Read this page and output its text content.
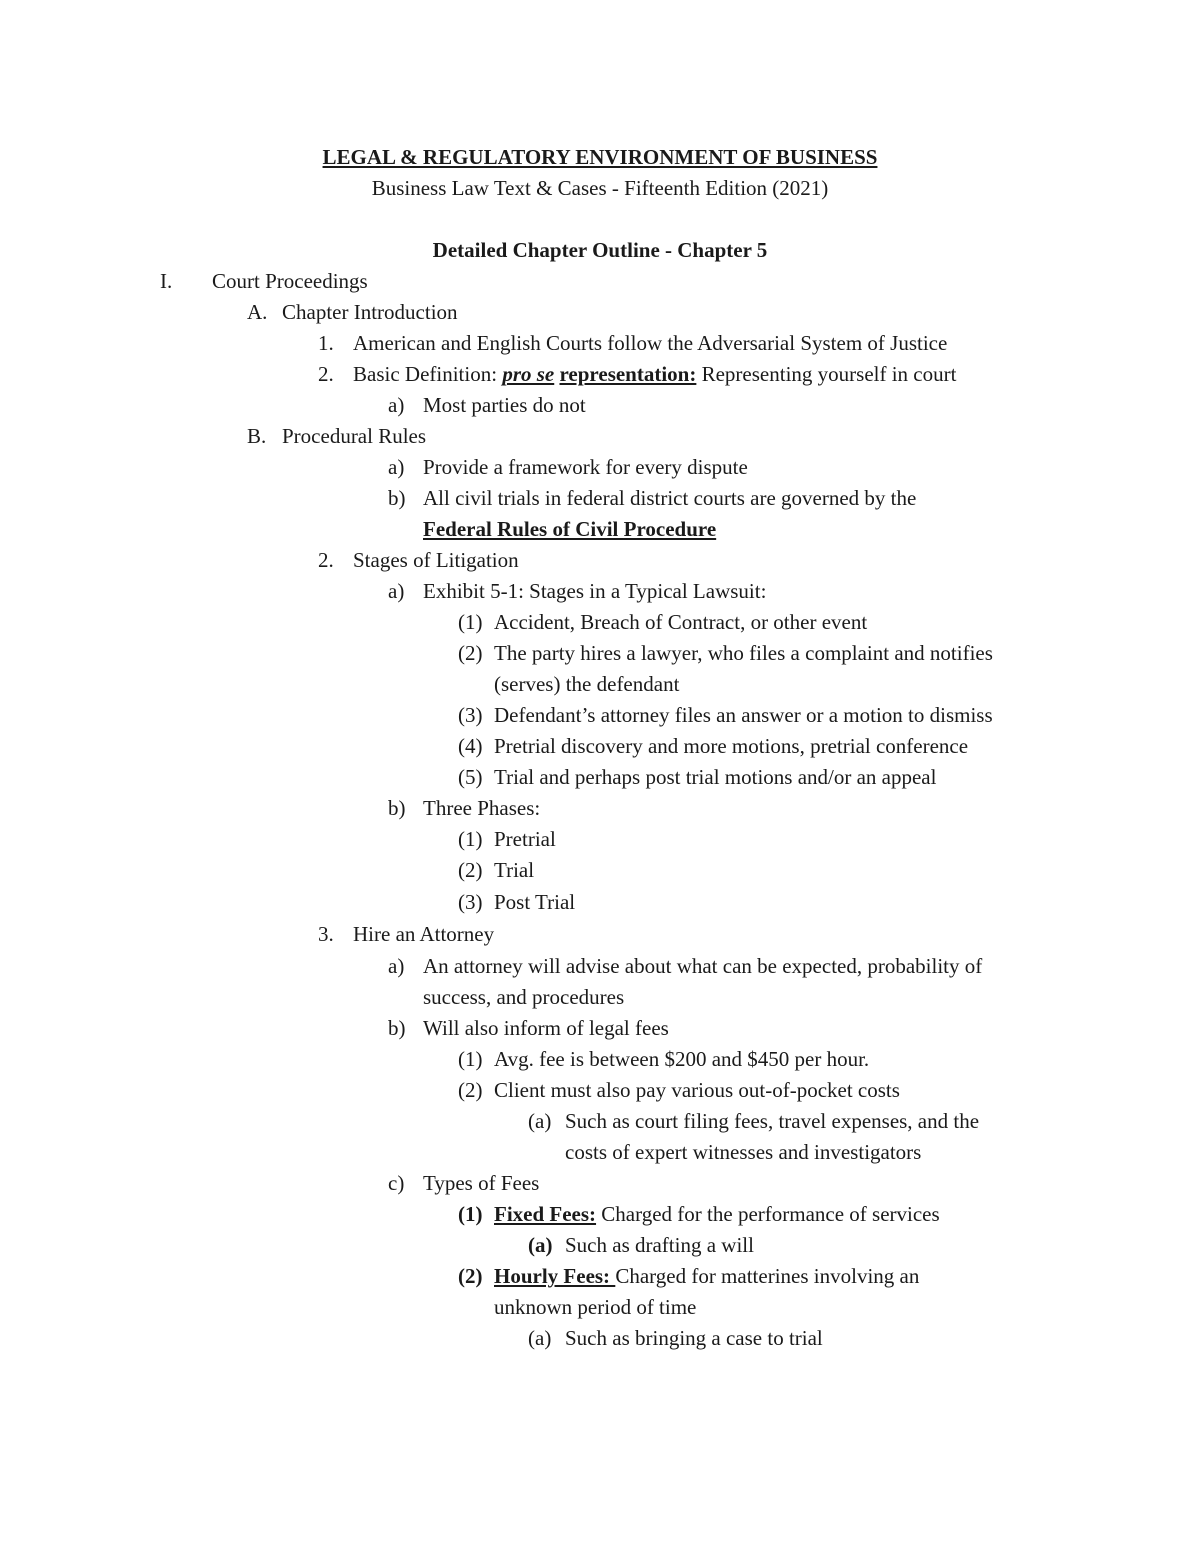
LEGAL & REGULATORY ENVIRONMENT OF BUSINESS
Business Law Text & Cases - Fifteenth Edition (2021)
Detailed Chapter Outline - Chapter 5
I. Court Proceedings
A. Chapter Introduction
1. American and English Courts follow the Adversarial System of Justice
2. Basic Definition: pro se representation: Representing yourself in court
a) Most parties do not
B. Procedural Rules
a) Provide a framework for every dispute
b) All civil trials in federal district courts are governed by the
Federal Rules of Civil Procedure
2. Stages of Litigation
a) Exhibit 5-1: Stages in a Typical Lawsuit:
(1) Accident, Breach of Contract, or other event
(2) The party hires a lawyer, who files a complaint and notifies
(serves) the defendant
(3) Defendant’s attorney files an answer or a motion to dismiss
(4) Pretrial discovery and more motions, pretrial conference
(5) Trial and perhaps post trial motions and/or an appeal
b) Three Phases:
(1) Pretrial
(2) Trial
(3) Post Trial
3. Hire an Attorney
a) An attorney will advise about what can be expected, probability of
success, and procedures
b) Will also inform of legal fees
(1) Avg. fee is between $200 and $450 per hour.
(2) Client must also pay various out-of-pocket costs
(a) Such as court filing fees, travel expenses, and the
costs of expert witnesses and investigators
c) Types of Fees
(1) Fixed Fees: Charged for the performance of services
(a) Such as drafting a will
(2) Hourly Fees: Charged for matterines involving an
unknown period of time
(a) Such as bringing a case to trial
